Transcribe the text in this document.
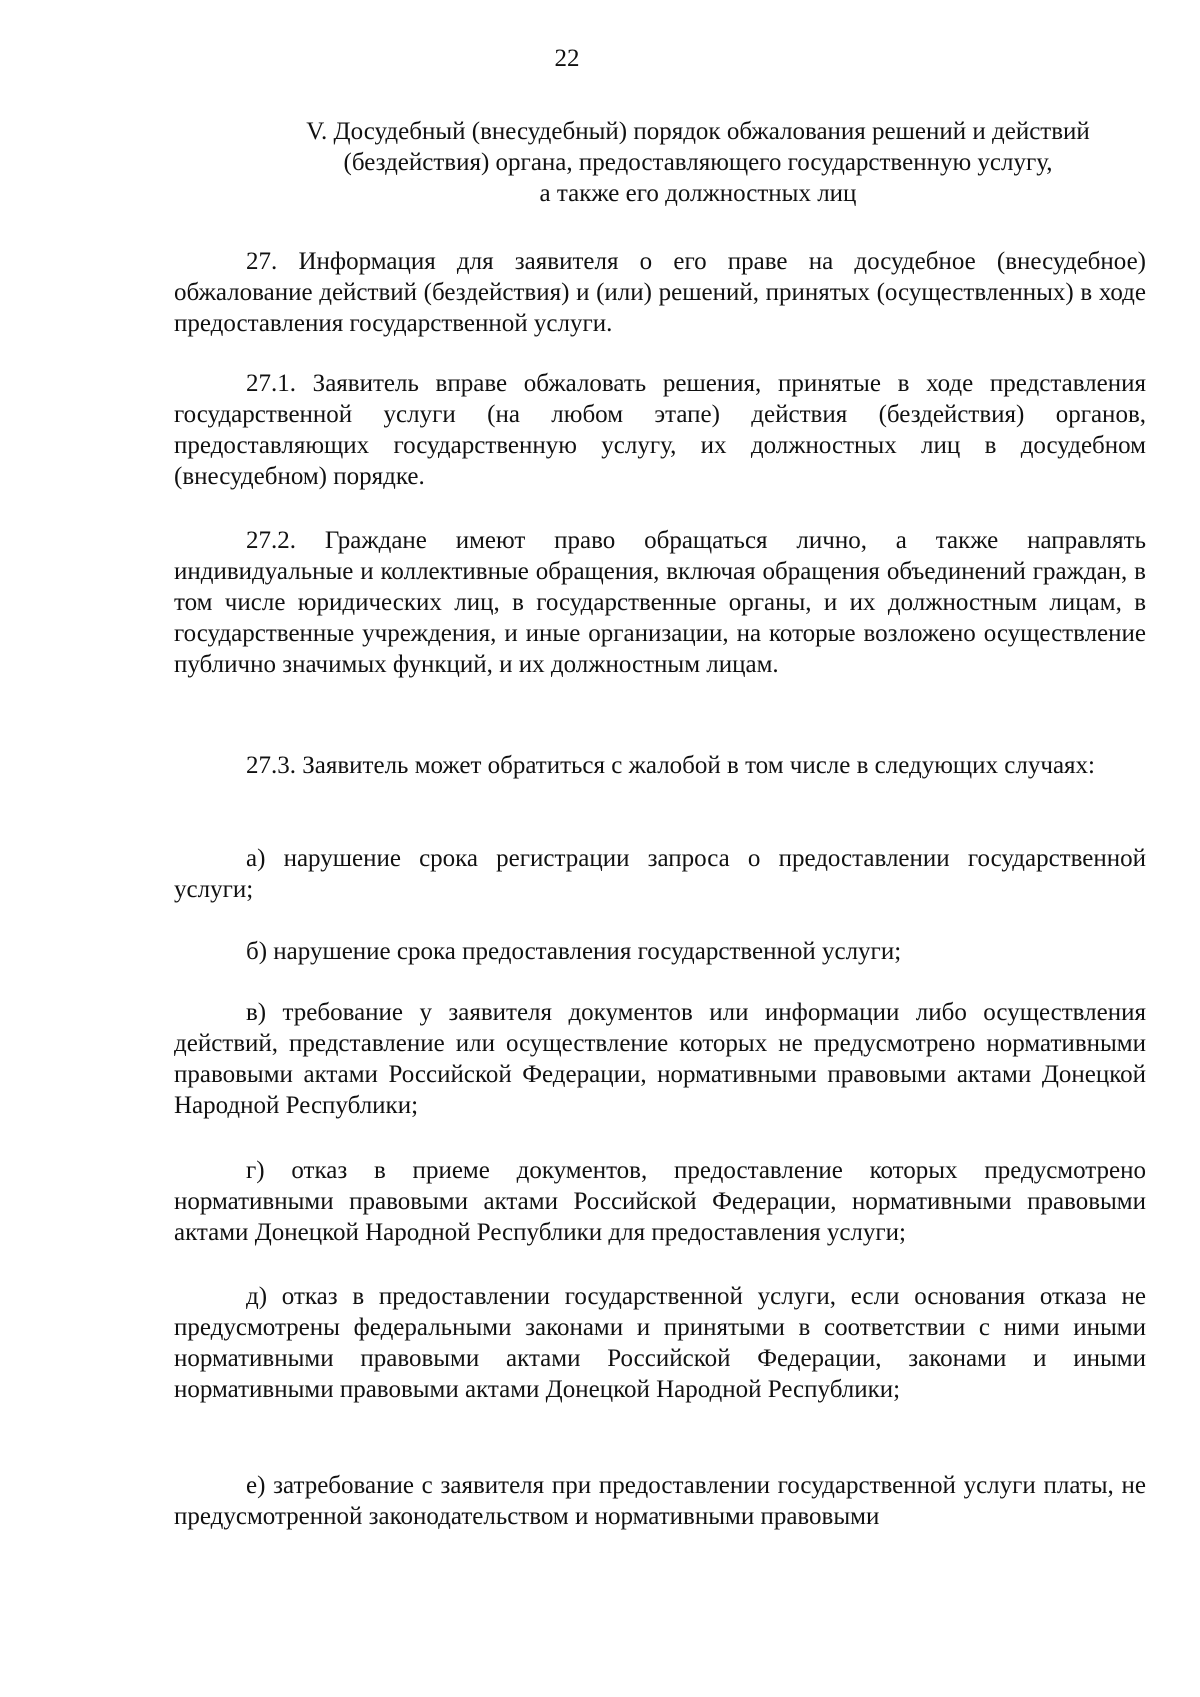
22
V. Досудебный (внесудебный) порядок обжалования решений и действий
(бездействия) органа, предоставляющего государственную услугу,
а также его должностных лиц

27. Информация для заявителя о его праве на досудебное (внесудебное) обжалование действий (бездействия) и (или) решений, принятых (осуществленных) в ходе предоставления государственной услуги.

27.1. Заявитель вправе обжаловать решения, принятые в ходе представления государственной услуги (на любом этапе) действия (бездействия) органов, предоставляющих государственную услугу, их должностных лиц в досудебном (внесудебном) порядке.

27.2. Граждане имеют право обращаться лично, а также направлять индивидуальные и коллективные обращения, включая обращения объединений граждан, в том числе юридических лиц, в государственные органы, и их должностным лицам, в государственные учреждения, и иные организации, на которые возложено осуществление публично значимых функций, и их должностным лицам.

27.3. Заявитель может обратиться с жалобой в том числе в следующих случаях:

а) нарушение срока регистрации запроса о предоставлении государственной услуги;

б) нарушение срока предоставления государственной услуги;

в) требование у заявителя документов или информации либо осуществления действий, представление или осуществление которых не предусмотрено нормативными правовыми актами Российской Федерации, нормативными правовыми актами Донецкой Народной Республики;

г) отказ в приеме документов, предоставление которых предусмотрено нормативными правовыми актами Российской Федерации, нормативными правовыми актами Донецкой Народной Республики для предоставления услуги;

д) отказ в предоставлении государственной услуги, если основания отказа не предусмотрены федеральными законами и принятыми в соответствии с ними иными нормативными правовыми актами Российской Федерации, законами и иными нормативными правовыми актами Донецкой Народной Республики;

е) затребование с заявителя при предоставлении государственной услуги платы, не предусмотренной законодательством и нормативными правовыми
